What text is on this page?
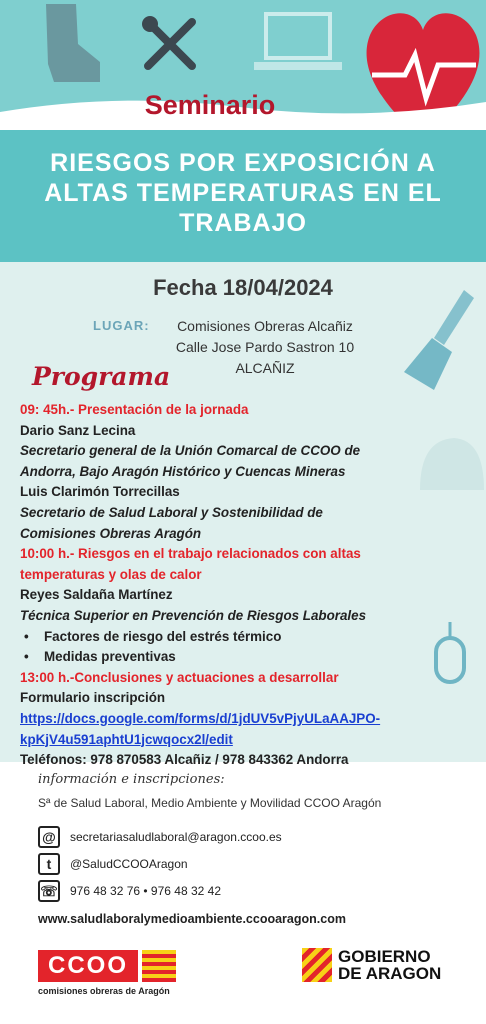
Seminario
RIESGOS POR EXPOSICIÓN A
ALTAS TEMPERATURAS EN EL
TRABAJO
Fecha 18/04/2024
LUGAR:	Comisiones Obreras Alcañiz
Calle Jose Pardo Sastron 10
ALCAÑIZ
Programa
09: 45h.- Presentación de la jornada
Dario Sanz Lecina
Secretario general de la Unión Comarcal de CCOO de
Andorra, Bajo Aragón Histórico y Cuencas Mineras
Luis Clarimón Torrecillas
Secretario de Salud Laboral y Sostenibilidad de
Comisiones Obreras Aragón
10:00 h.- Riesgos en el trabajo relacionados con altas
temperaturas y olas de calor
Reyes Saldaña Martínez
Técnica Superior en Prevención de Riesgos Laborales
• Factores de riesgo del estrés térmico
• Medidas preventivas
13:00 h.-Conclusiones y actuaciones a desarrollar
Formulario inscripción
https://docs.google.com/forms/d/1jdUV5vPjyULaAAJPO-
kpKjV4u591aphtU1jcwqocx2l/edit
Teléfonos: 978 870583 Alcañiz / 978 843362 Andorra
información e inscripciones:
Sª de Salud Laboral, Medio Ambiente y Movilidad CCOO Aragón
@	secretariasaludlaboral@aragon.ccoo.es
t	@SaludCCOOAragon
☏ 976 48 32 76 • 976 48 32 42
www.saludlaboralymedioambiente.ccooaragon.com
CCOO
comisiones obreras de Aragón
GOBIERNO
DE ARAGON
